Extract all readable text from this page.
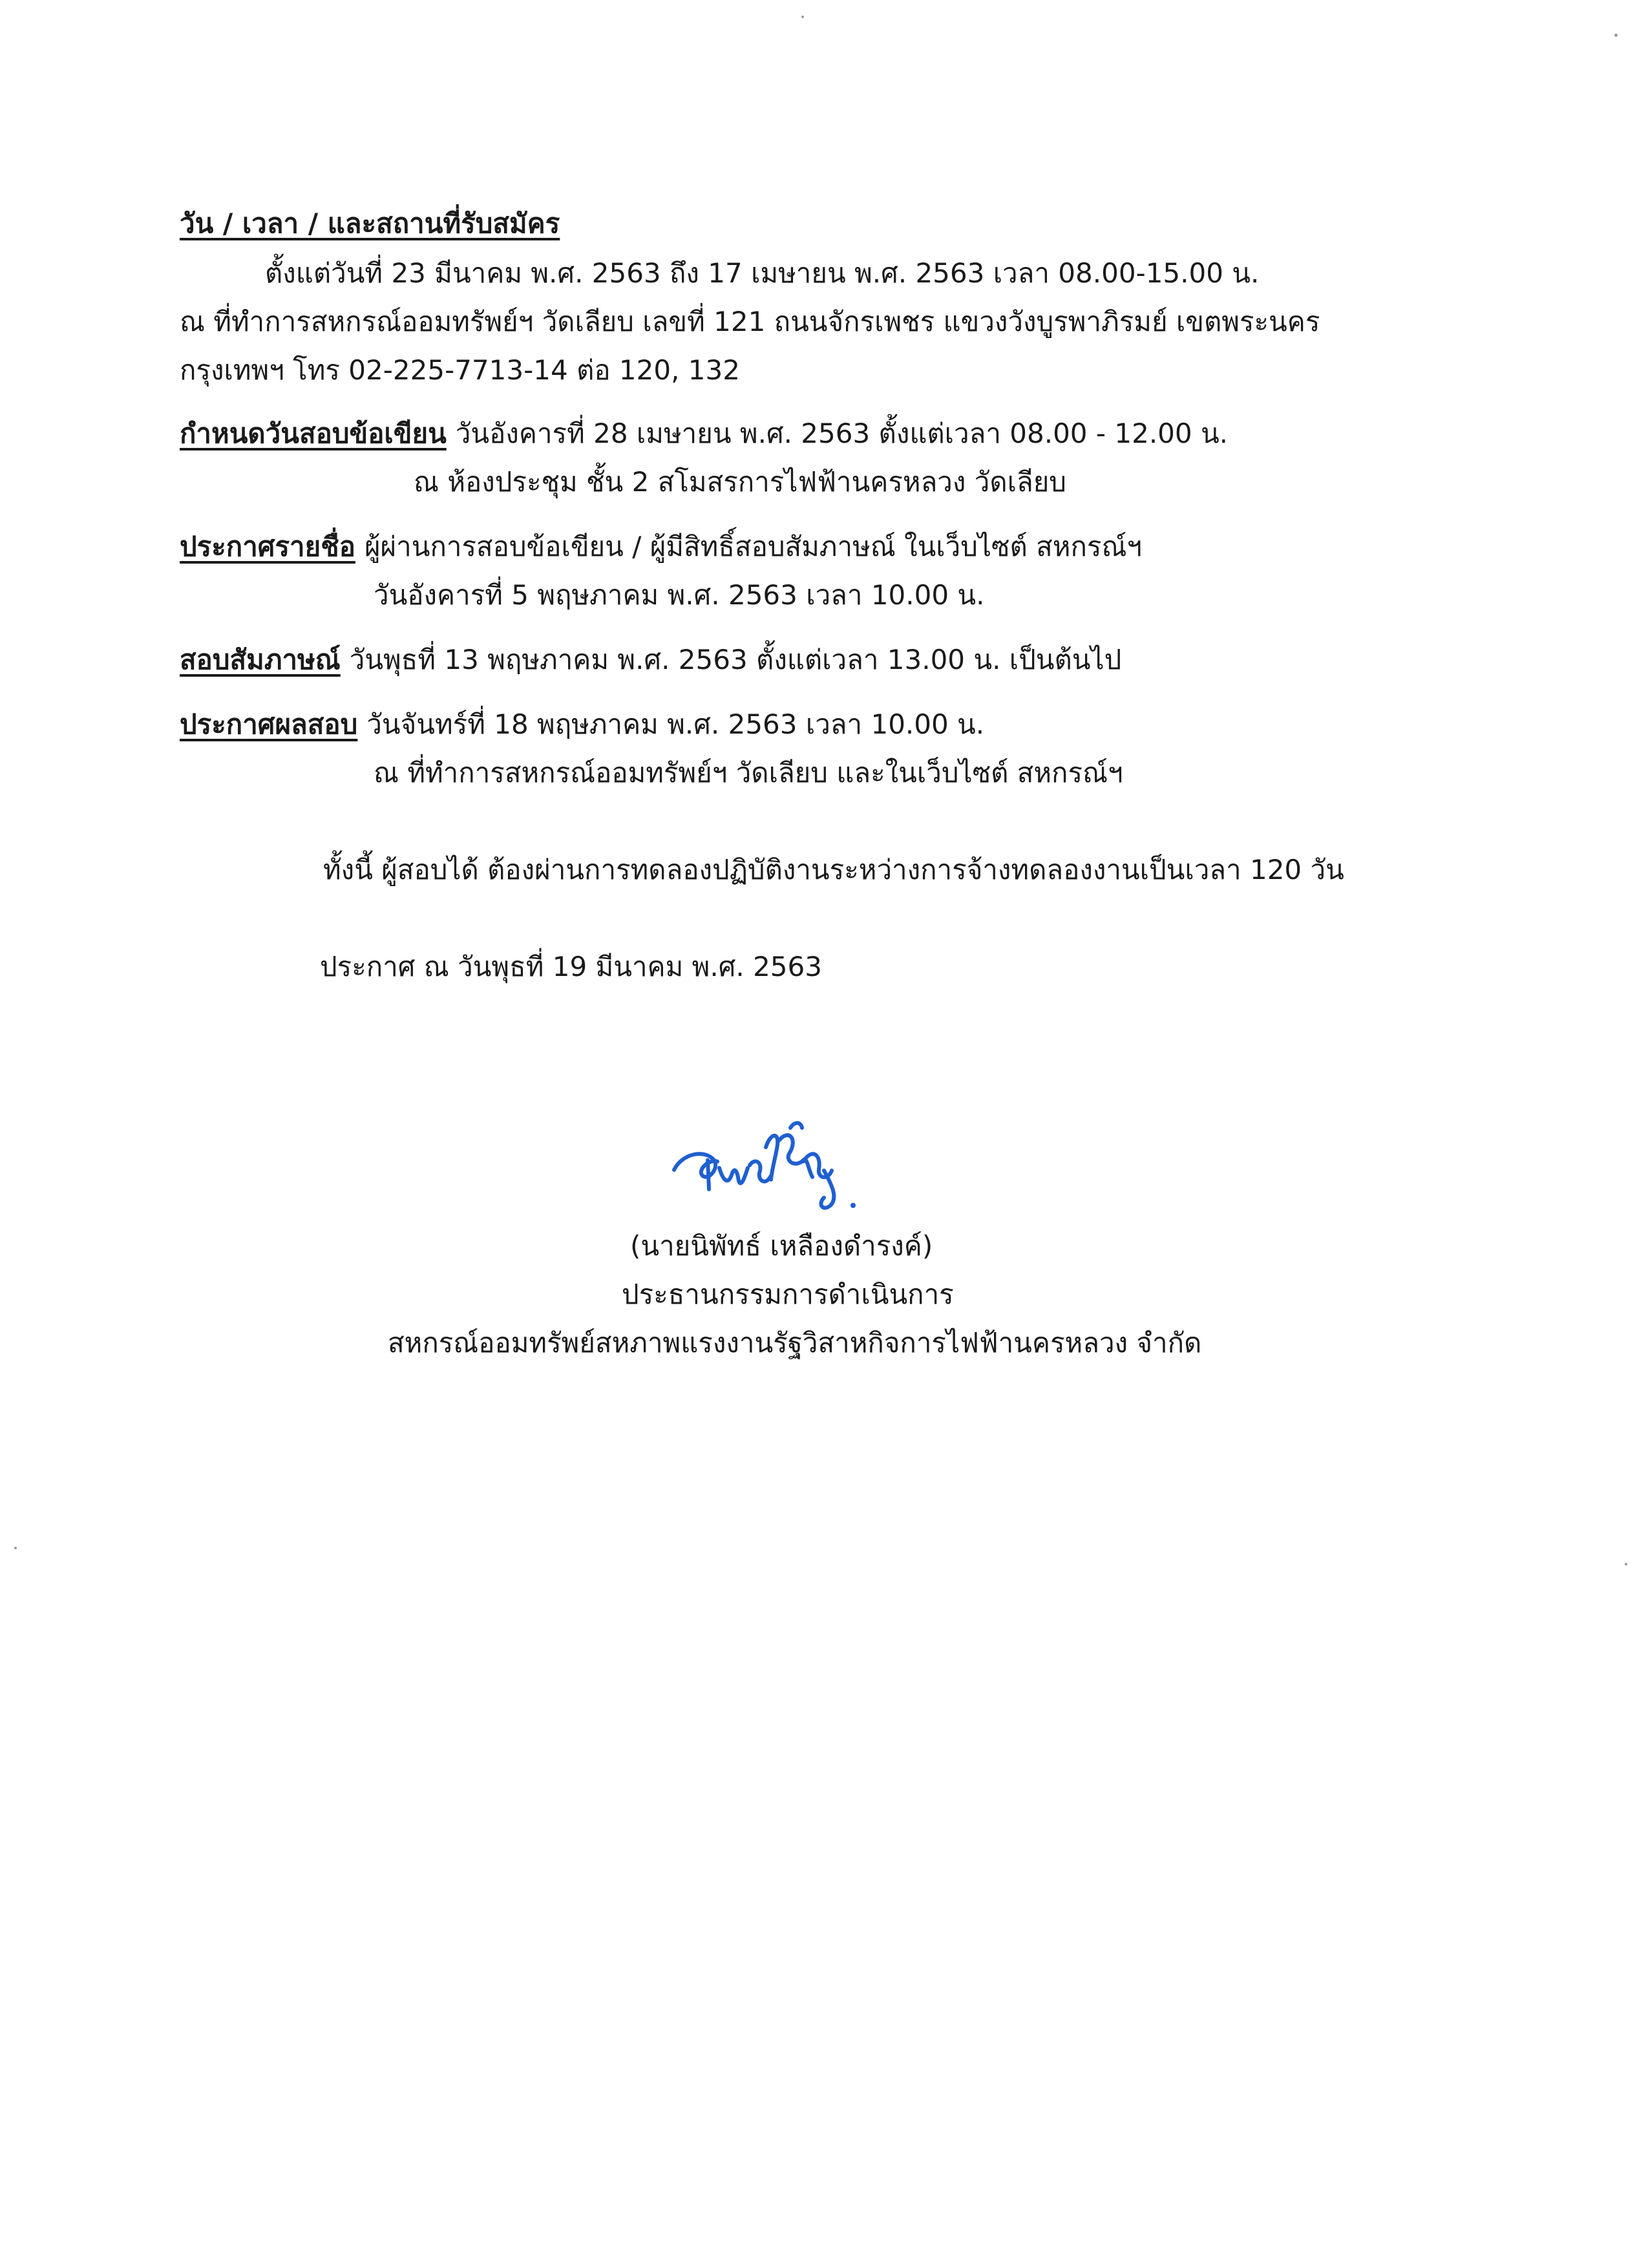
วัน / เวลา / และสถานที่รับสมัคร
ตั้งแต่วันที่ 23 มีนาคม พ.ศ. 2563 ถึง 17 เมษายน พ.ศ. 2563 เวลา 08.00-15.00 น.
ณ ที่ทำการสหกรณ์ออมทรัพย์ฯ วัดเลียบ เลขที่ 121 ถนนจักรเพชร แขวงวังบูรพาภิรมย์ เขตพระนคร
กรุงเทพฯ โทร 02-225-7713-14 ต่อ 120, 132
กำหนดวันสอบข้อเขียน วันอังคารที่ 28 เมษายน พ.ศ. 2563 ตั้งแต่เวลา 08.00 - 12.00 น.
ณ ห้องประชุม ชั้น 2 สโมสรการไฟฟ้านครหลวง วัดเลียบ
ประกาศรายชื่อ ผู้ผ่านการสอบข้อเขียน / ผู้มีสิทธิ์สอบสัมภาษณ์ ในเว็บไซต์ สหกรณ์ฯ
วันอังคารที่ 5 พฤษภาคม พ.ศ. 2563 เวลา 10.00 น.
สอบสัมภาษณ์ วันพุธที่ 13 พฤษภาคม พ.ศ. 2563 ตั้งแต่เวลา 13.00 น. เป็นต้นไป
ประกาศผลสอบ วันจันทร์ที่ 18 พฤษภาคม พ.ศ. 2563 เวลา 10.00 น.
ณ ที่ทำการสหกรณ์ออมทรัพย์ฯ วัดเลียบ และในเว็บไซต์ สหกรณ์ฯ
ทั้งนี้ ผู้สอบได้ ต้องผ่านการทดลองปฏิบัติงานระหว่างการจ้างทดลองงานเป็นเวลา 120 วัน
ประกาศ ณ วันพุธที่ 19 มีนาคม พ.ศ. 2563
(นายนิพัทธ์ เหลืองดำรงค์)
ประธานกรรมการดำเนินการ
สหกรณ์ออมทรัพย์สหภาพแรงงานรัฐวิสาหกิจการไฟฟ้านครหลวง จำกัด
